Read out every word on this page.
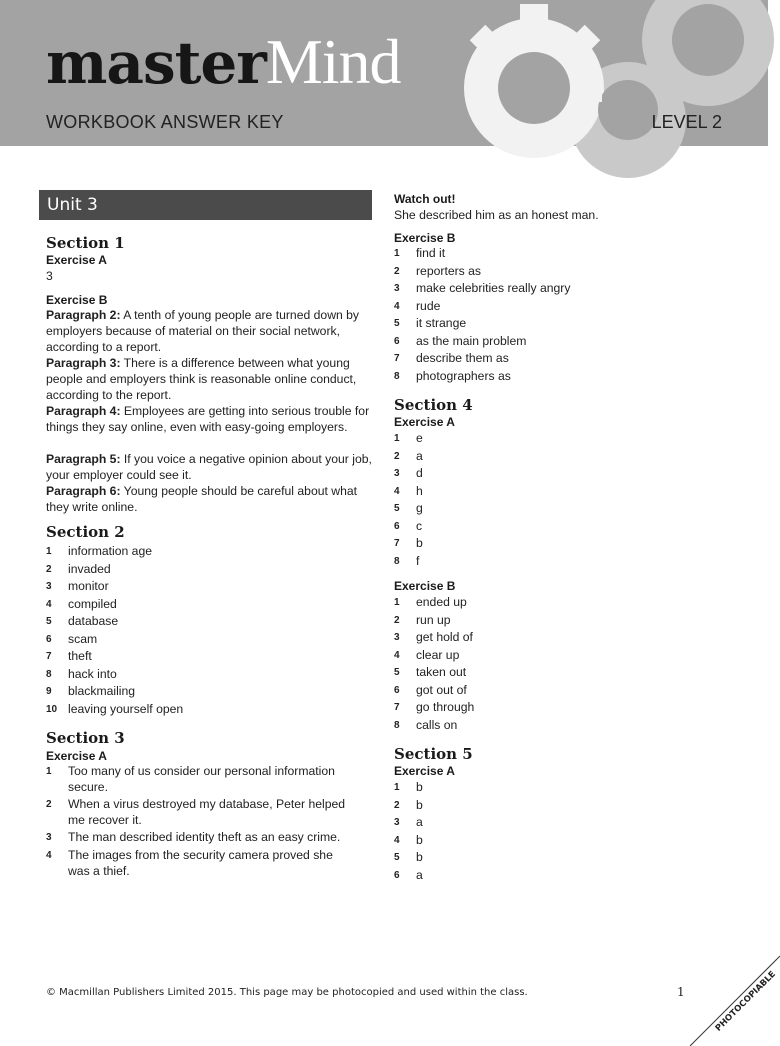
masterMind
WORKBOOK ANSWER KEY	LEVEL 2
Unit 3
Section 1
Exercise A
3
Exercise B
Paragraph 2: A tenth of young people are turned down by employers because of material on their social network, according to a report.
Paragraph 3: There is a difference between what young people and employers think is reasonable online conduct, according to the report.
Paragraph 4: Employees are getting into serious trouble for things they say online, even with easy-going employers.
Paragraph 5: If you voice a negative opinion about your job, your employer could see it.
Paragraph 6: Young people should be careful about what they write online.
Section 2
1 information age
2 invaded
3 monitor
4 compiled
5 database
6 scam
7 theft
8 hack into
9 blackmailing
10 leaving yourself open
Section 3
Exercise A
1 Too many of us consider our personal information
secure.
2 When a virus destroyed my database, Peter helped
me recover it.
3 The man described identity theft as an easy crime.
4 The images from the security camera proved she
was a thief.
Watch out!
She described him as an honest man.
Exercise B
1 find it
2 reporters as
3 make celebrities really angry
4 rude
5 it strange
6 as the main problem
7 describe them as
8 photographers as
Section 4
Exercise A
1 e
2 a
3 d
4 h
5 g
6 c
7 b
8 f
Exercise B
1 ended up
2 run up
3 get hold of
4 clear up
5 taken out
6 got out of
7 go through
8 calls on
Section 5
Exercise A
1 b
2 b
3 a
4 b
5 b
6 a
© Macmillan Publishers Limited 2015. This page may be photocopied and used within the class.	1	PHOTOCOPIABLE
